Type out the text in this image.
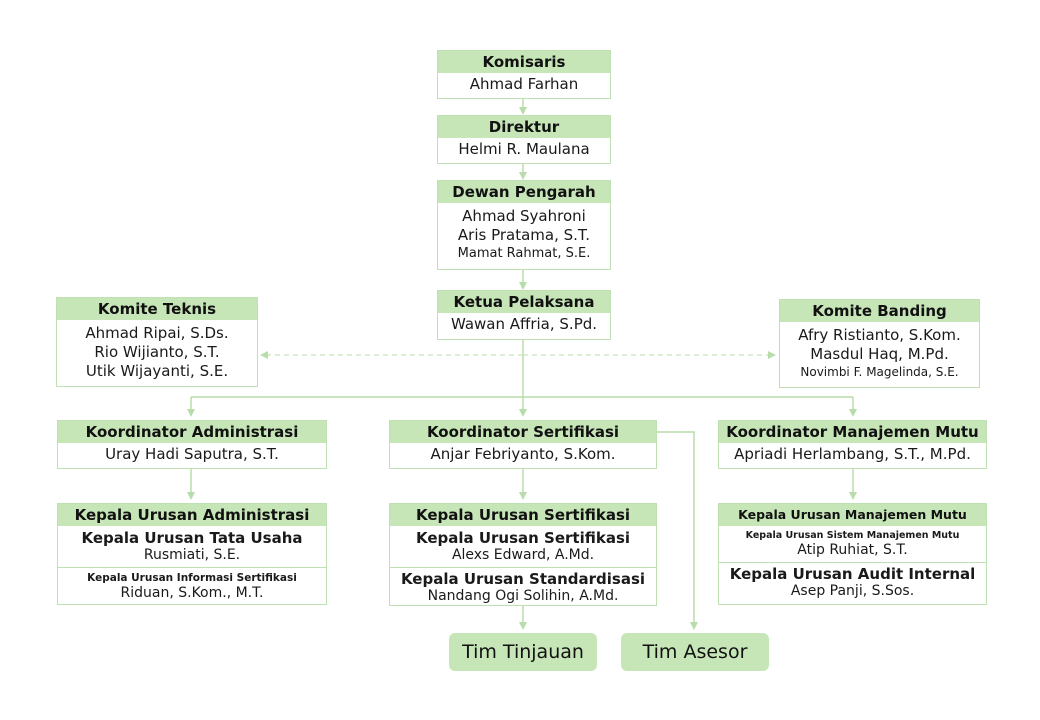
Komisaris
Ahmad Farhan
Direktur
Helmi R. Maulana
Dewan Pengarah
Ahmad Syahroni
Aris Pratama, S.T.
Mamat Rahmat, S.E.
Ketua Pelaksana
Wawan Affria, S.Pd.
Komite Teknis
Ahmad Ripai, S.Ds.
Rio Wijianto, S.T.
Utik Wijayanti, S.E.
Komite Banding
Afry Ristianto, S.Kom.
Masdul Haq, M.Pd.
Novimbi F. Magelinda, S.E.
Koordinator Administrasi
Uray Hadi Saputra, S.T.
Koordinator Sertifikasi
Anjar Febriyanto, S.Kom.
Koordinator Manajemen Mutu
Apriadi Herlambang, S.T., M.Pd.
Kepala Urusan Administrasi
Kepala Urusan Tata Usaha
Rusmiati, S.E.
Kepala Urusan Informasi Sertifikasi
Riduan, S.Kom., M.T.
Kepala Urusan Sertifikasi
Kepala Urusan Sertifikasi
Alexs Edward, A.Md.
Kepala Urusan Standardisasi
Nandang Ogi Solihin, A.Md.
Kepala Urusan Manajemen Mutu
Kepala Urusan Sistem Manajemen Mutu
Atip Ruhiat, S.T.
Kepala Urusan Audit Internal
Asep Panji, S.Sos.
Tim Tinjauan	Tim Asesor
